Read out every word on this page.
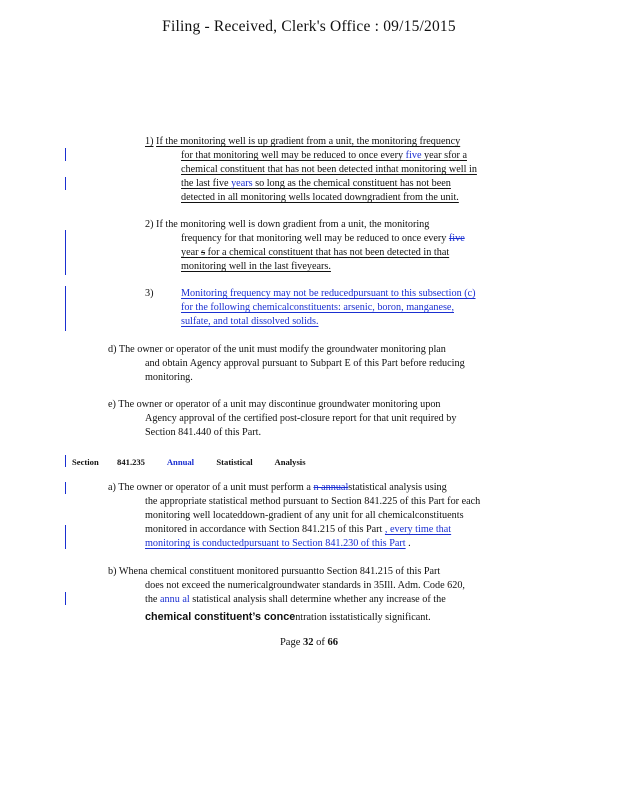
Filing - Received, Clerk's Office : 09/15/2015
1) If the monitoring well is up gradient from a unit, the monitoring frequency
for that monitoring well may be reduced to once every five year sfor a
chemical constituent that has not been detected inthat monitoring well in
the last five years so long as the chemical constituent has not been
detected in all monitoring wells located downgradient from the unit.
2) If the monitoring well is down gradient from a unit, the monitoring
frequency for that monitoring well may be reduced to once every five
year s for a chemical constituent that has not been detected in that
monitoring well in the last fiveyears.
3)	Monitoring frequency may not be reducedpursuant to this subsection (c)
for the following chemicalconstituents: arsenic, boron, manganese,
sulfate, and total dissolved solids.
d) The owner or operator of the unit must modify the groundwater monitoring plan
and obtain Agency approval pursuant to Subpart E of this Part before reducing
monitoring.
e) The owner or operator of a unit may discontinue groundwater monitoring upon
Agency approval of the certified post-closure report for that unit required by
Section 841.440 of this Part.
Section 841.235	Annual	Statistical	Analysis
a) The owner or operator of a unit must perform a n annualstatistical analysis using
the appropriate statistical method pursuant to Section 841.225 of this Part for each
monitoring well locateddown-gradient of any unit for all chemicalconstituents
monitored in accordance with Section 841.215 of this Part , every time that
monitoring is conductedpursuant to Section 841.230 of this Part .
b) Whena chemical constituent monitored pursuantto Section 841.215 of this Part
does not exceed the numericalgroundwater standards in 35Ill. Adm. Code 620,
the annu al statistical analysis shall determine whether any increase of the
chemical constituent’s concentration isstatistically significant.
Page 32 of 66
